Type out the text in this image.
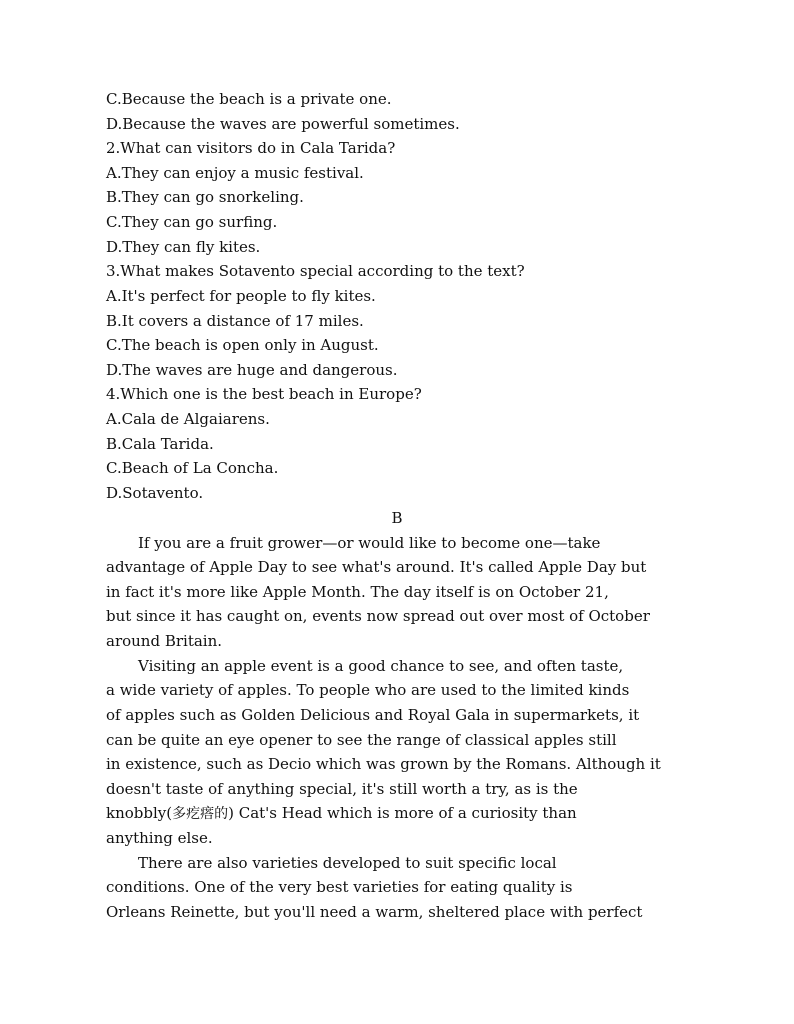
C.Because the beach is a private one.
D.Because the waves are powerful sometimes.
2.What can visitors do in Cala Tarida?
A.They can enjoy a music festival.
B.They can go snorkeling.
C.They can go surfing.
D.They can fly kites.
3.What makes Sotavento special according to the text?
A.It's perfect for people to fly kites.
B.It covers a distance of 17 miles.
C.The beach is open only in August.
D.The waves are huge and dangerous.
4.Which one is the best beach in Europe?
A.Cala de Algaiarens.
B.Cala Tarida.
C.Beach of La Concha.
D.Sotavento.
B
If you are a fruit grower—or would like to become one—take
advantage of Apple Day to see what's around. It's called Apple Day but
in fact it's more like Apple Month. The day itself is on October 21,
but since it has caught on, events now spread out over most of October
around Britain.
Visiting an apple event is a good chance to see, and often taste,
a wide variety of apples. To people who are used to the limited kinds
of apples such as Golden Delicious and Royal Gala in supermarkets, it
can be quite an eye opener to see the range of classical apples still
in existence, such as Decio which was grown by the Romans. Although it
doesn't taste of anything special, it's still worth a try, as is the
knobbly(多疙瘩的) Cat's Head which is more of a curiosity than
anything else.
There are also varieties developed to suit specific local
conditions. One of the very best varieties for eating quality is
Orleans Reinette, but you'll need a warm, sheltered place with perfect
